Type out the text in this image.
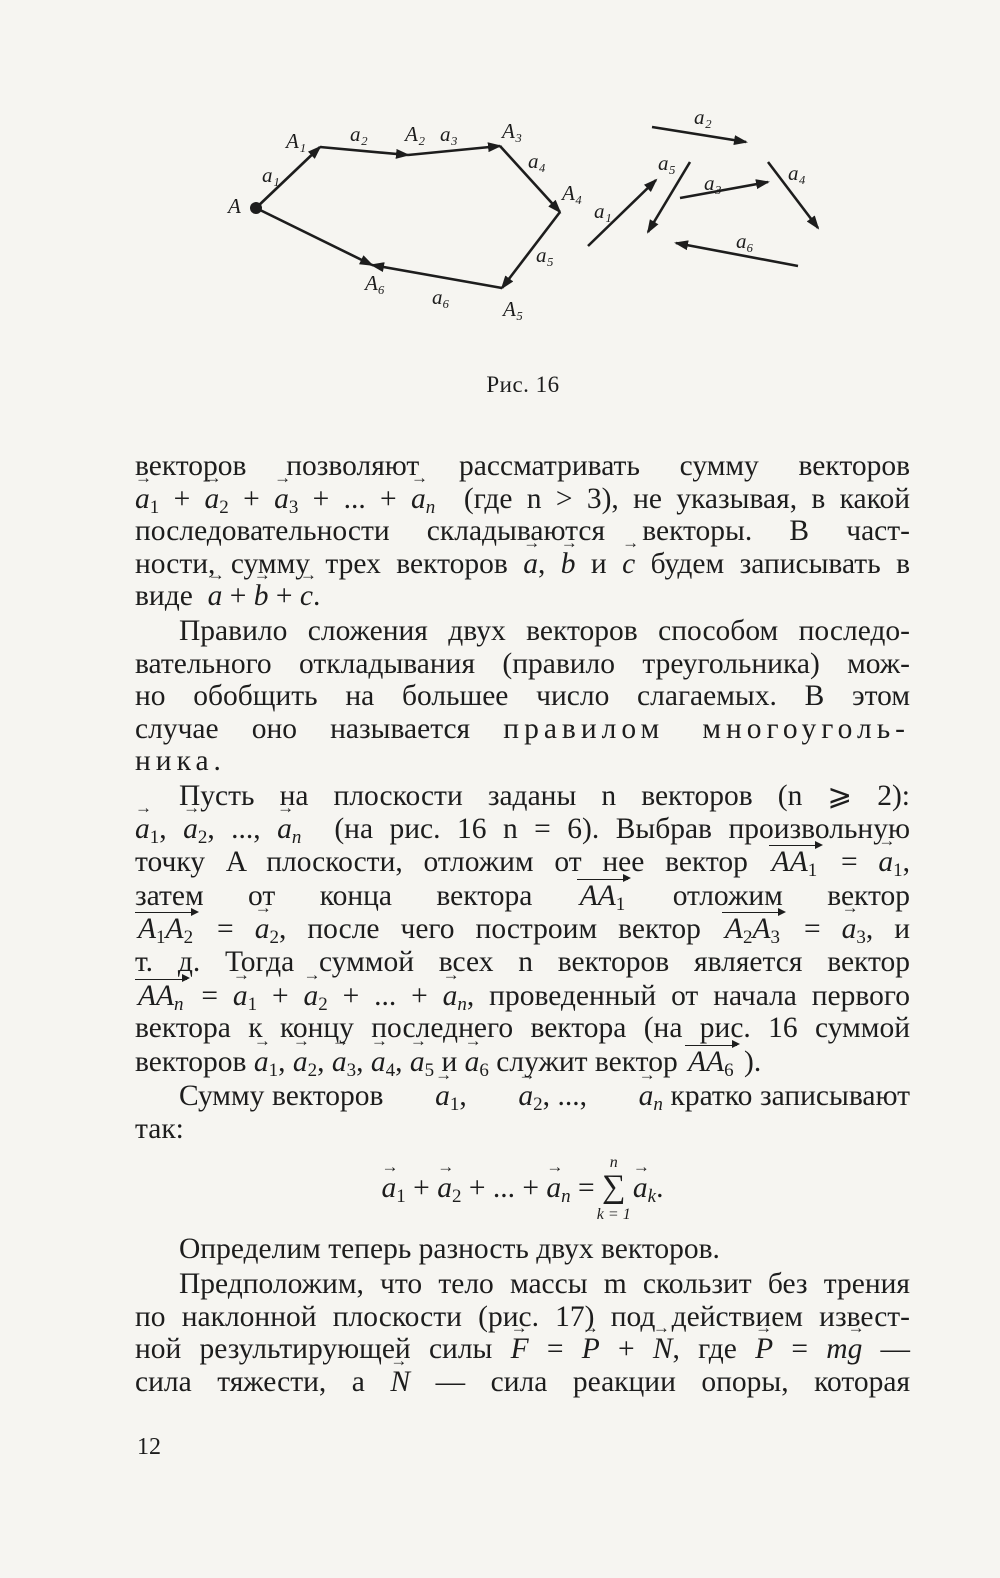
A
A₁	A₂	A₃
A₄
A₅
A₆
a₁
a₂	a₃
a₄
a₅
a₆
a₁
a₂
a₃	a₄
a₅
a₆
Рис. 16

векторов позволяют рассматривать сумму векторов

→ $a_1$ + → $a_2$ + → $a_3$ + ... + → $a_n$ (где n > 3), не указывая, в какой

последовательности складываются векторы. В част-

ности, сумму трех векторов → a, → b и → c будем записывать в

виде → a + → b + → c.

Правило сложения двух векторов способом последо-

вательного откладывания (правило треугольника) мож-

но обобщить на большее число слагаемых. В этом

случае оно называется правилом многоуголь-

ника.

Пусть на плоскости заданы n векторов (n ⩾ 2):

→ $a_1$, → $a_2$, ..., → $a_n$ (на рис. 16 n = 6). Выбрав произвольную

точку A плоскости, отложим от нее вектор $AA_1$ = → $a_1$,

затем от конца вектора $AA_1$ отложим вектор

$A_1A_2$ = → $a_2$, после чего построим вектор $A_2A_3$ = → $a_3$, и

т. д. Тогда суммой всех n векторов является вектор

$AA_n$ = → $a_1$ + → $a_2$ + ... + → $a_n$, проведенный от начала первого

вектора к концу последнего вектора (на рис. 16 суммой

векторов → $a_1$, → $a_2$, → $a_3$, → $a_4$, → $a_5$ $и \to a_6$ служит вектор $AA_6$ ).

Сумму векторов → $a_1$, → $a_2$, ..., → $a_n$ кратко записывают

так:

→ $a_1$ + → $a_2$ + ... + → $a_n$ = ∑
n
k = 1
→ $a_k$.

Определим теперь разность двух векторов.

Предположим, что тело массы m скользит без трения

по наклонной плоскости (рис. 17) под действием извест-

ной результирующей силы → F = → P + → N, где → P = m→ g —

сила тяжести, а → N — сила реакции опоры, которая

12
